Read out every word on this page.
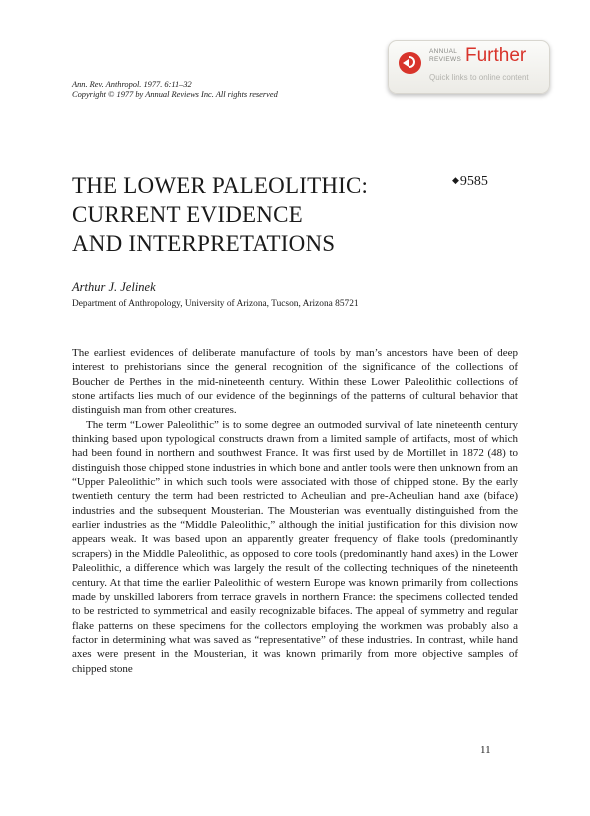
Ann. Rev. Anthropol. 1977. 6:11–32
Copyright © 1977 by Annual Reviews Inc. All rights reserved
ANNUAL
REVIEWS Further
Quick links to online content
THE LOWER PALEOLITHIC:
CURRENT EVIDENCE
AND INTERPRETATIONS
◆9585
Arthur J. Jelinek
Department of Anthropology, University of Arizona, Tucson, Arizona 85721

The earliest evidences of deliberate manufacture of tools by man’s ancestors have been of deep interest to prehistorians since the general recognition of the significance of the collections of Boucher de Perthes in the mid-nineteenth century. Within these Lower Paleolithic collections of stone artifacts lies much of our evidence of the beginnings of the patterns of cultural behavior that distinguish man from other creatures.

The term “Lower Paleolithic” is to some degree an outmoded survival of late nineteenth century thinking based upon typological constructs drawn from a limited sample of artifacts, most of which had been found in northern and southwest France. It was first used by de Mortillet in 1872 (48) to distinguish those chipped stone industries in which bone and antler tools were then unknown from an “Upper Paleolithic” in which such tools were associated with those of chipped stone. By the early twentieth century the term had been restricted to Acheulian and pre-Acheulian hand axe (biface) industries and the subsequent Mousterian. The Mousterian was eventually distinguished from the earlier industries as the “Middle Paleolithic,” although the initial justification for this division now appears weak. It was based upon an apparently greater frequency of flake tools (predominantly scrapers) in the Middle Paleolithic, as opposed to core tools (predominantly hand axes) in the Lower Paleolithic, a difference which was largely the result of the collecting techniques of the nineteenth century. At that time the earlier Paleolithic of western Europe was known primarily from collections made by unskilled laborers from terrace gravels in northern France: the specimens collected tended to be restricted to symmetrical and easily recognizable bifaces. The appeal of symmetry and regular flake patterns on these specimens for the collectors employing the workmen was probably also a factor in determining what was saved as “representative” of these industries. In contrast, while hand axes were present in the Mousterian, it was known primarily from more objective samples of chipped stone

11
